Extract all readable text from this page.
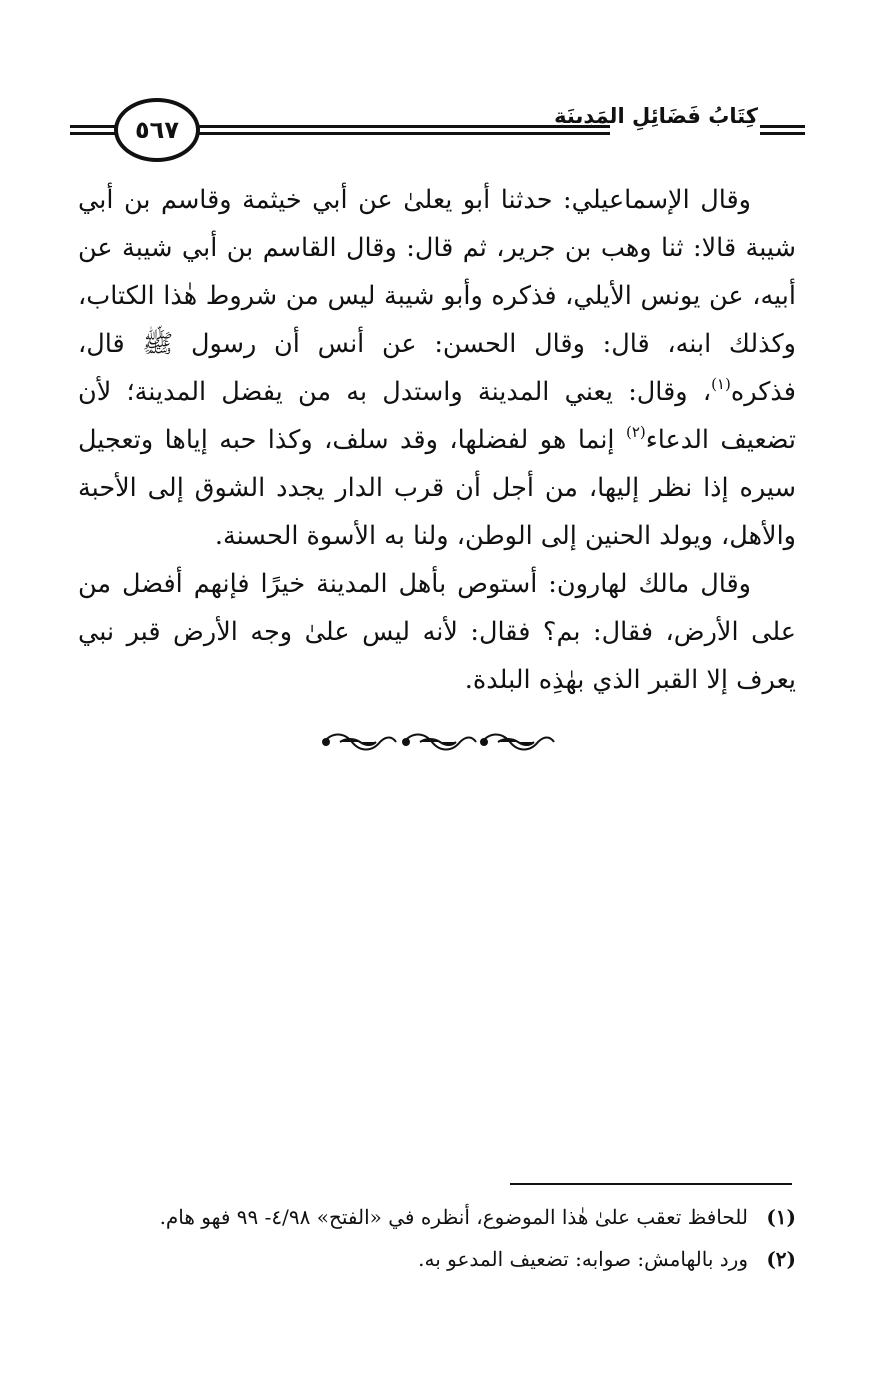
٥٦٧	كِتَابُ فَضَائِلِ المَدِينَةِ

وقال الإسماعيلي: حدثنا أبو يعلىٰ عن أبي خيثمة وقاسم بن أبي شيبة قالا: ثنا وهب بن جرير، ثم قال: وقال القاسم بن أبي شيبة عن أبيه، عن يونس الأيلي، فذكره وأبو شيبة ليس من شروط هٰذا الكتاب، وكذلك ابنه، قال: وقال الحسن: عن أنس أن رسول ﷺ قال، فذكره$^{(١)}$، وقال: يعني المدينة واستدل به من يفضل المدينة؛ لأن تضعيف الدعاء$^{(٢)}$ إنما هو لفضلها، وقد سلف، وكذا حبه إياها وتعجيل سيره إذا نظر إليها، من أجل أن قرب الدار يجدد الشوق إلى الأحبة والأهل، ويولد الحنين إلى الوطن، ولنا به الأسوة الحسنة.

وقال مالك لهارون: أستوص بأهل المدينة خيرًا فإنهم أفضل من على الأرض، فقال: بم؟ فقال: لأنه ليس علىٰ وجه الأرض قبر نبي يعرف إلا القبر الذي بهٰذِه البلدة.

(١)
للحافظ تعقب علىٰ هٰذا الموضوع، أنظره في «الفتح» ٤/٩٨- ٩٩ فهو هام.
(٢)
ورد بالهامش: صوابه: تضعيف المدعو به.
